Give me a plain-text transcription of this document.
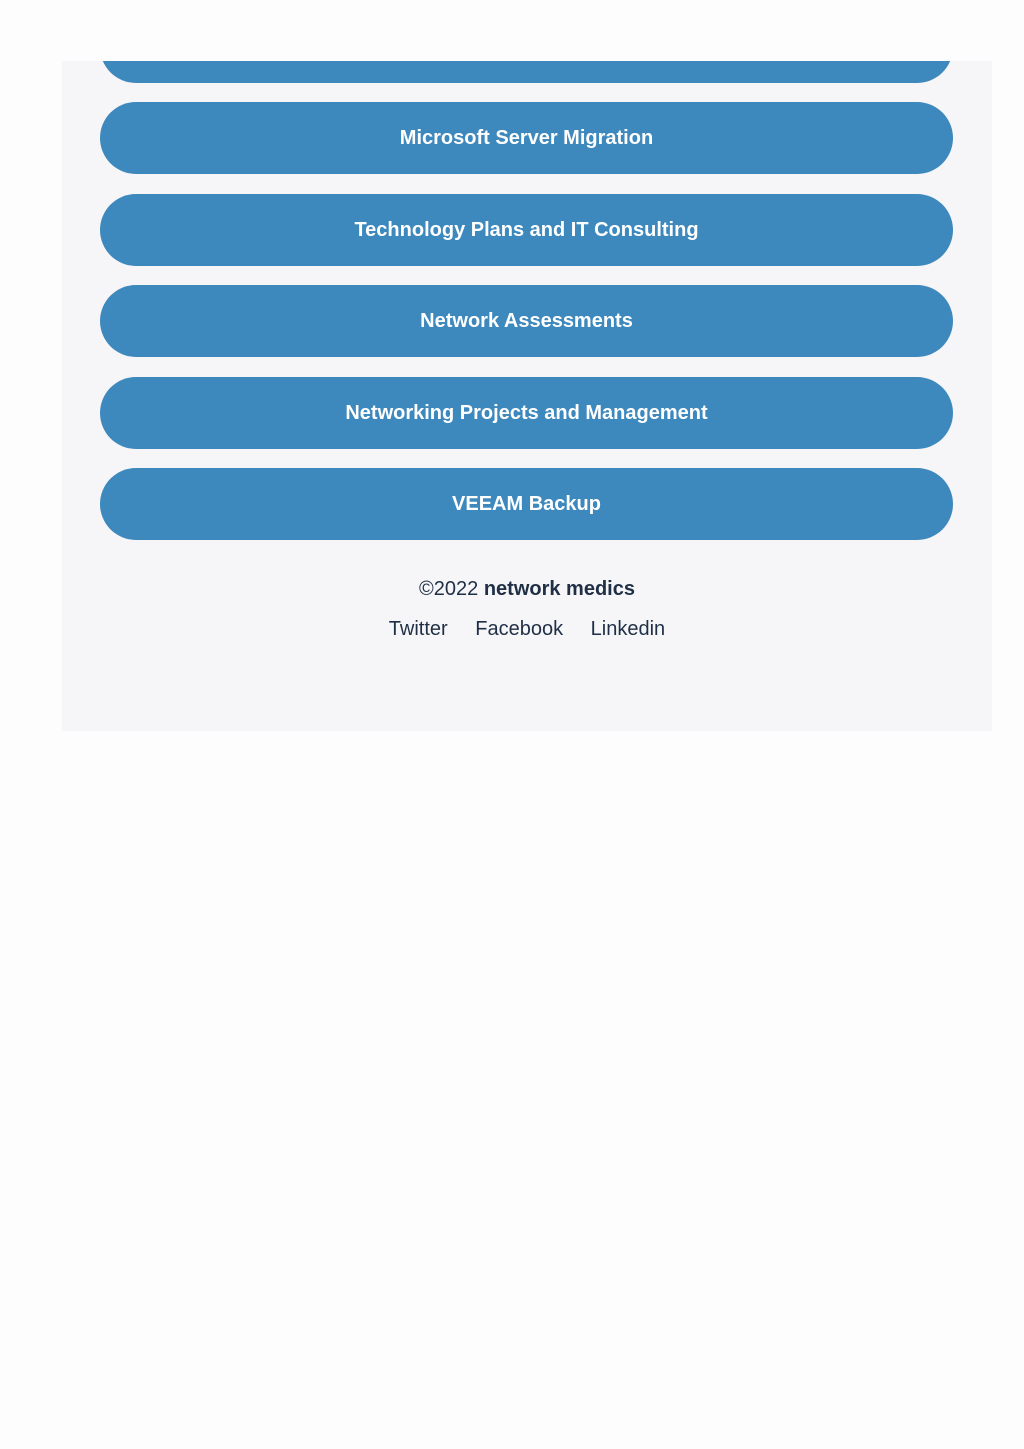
Microsoft Server Migration
Technology Plans and IT Consulting
Network Assessments
Networking Projects and Management
VEEAM Backup
©2022 network medics
Twitter Facebook Linkedin
